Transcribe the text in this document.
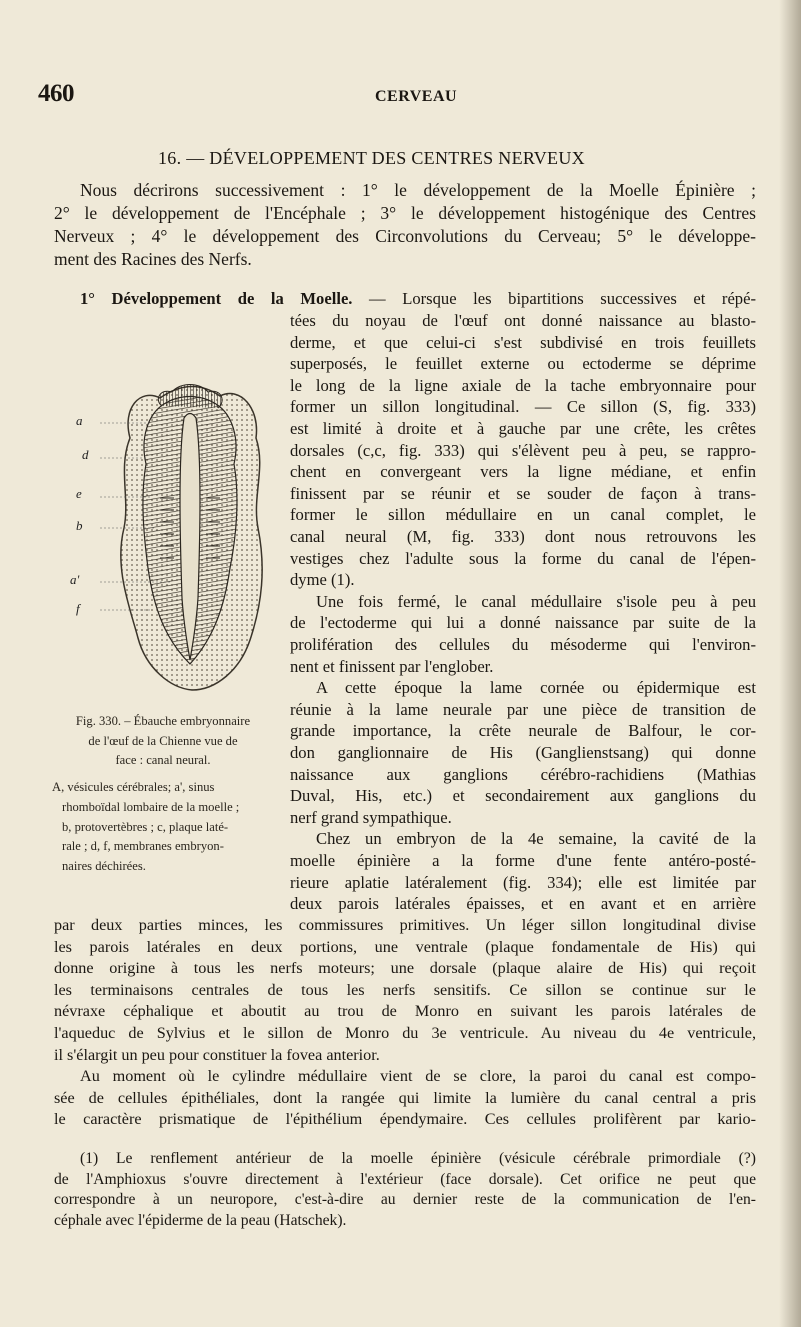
460	CERVEAU
16. — DÉVELOPPEMENT DES CENTRES NERVEUX
Nous décrirons successivement : 1° le développement de la Moelle Épinière ;
2° le développement de l'Encéphale ; 3° le développement histogénique des Centres
Nerveux ; 4° le développement des Circonvolutions du Cerveau; 5° le développe-
ment des Racines des Nerfs.
1° Développement de la Moelle. — Lorsque les bipartitions successives et répé-
a
d
e
b
a'
f
Fig. 330. – Ébauche embryonnaire
de l'œuf de la Chienne vue de
face : canal neural.
A, vésicules cérébrales; a', sinus
rhomboïdal lombaire de la moelle ;
b, protovertèbres ; c, plaque laté-
rale ; d, f, membranes embryon-
naires déchirées.
tées du noyau de l'œuf ont donné naissance au blasto-
derme, et que celui-ci s'est subdivisé en trois feuillets
superposés, le feuillet externe ou ectoderme se déprime
le long de la ligne axiale de la tache embryonnaire pour
former un sillon longitudinal. — Ce sillon (S, fig. 333)
est limité à droite et à gauche par une crête, les crêtes
dorsales (c,c, fig. 333) qui s'élèvent peu à peu, se rappro-
chent en convergeant vers la ligne médiane, et enfin
finissent par se réunir et se souder de façon à trans-
former le sillon médullaire en un canal complet, le
canal neural (M, fig. 333) dont nous retrouvons les
vestiges chez l'adulte sous la forme du canal de l'épen-
dyme (1).
Une fois fermé, le canal médullaire s'isole peu à peu
de l'ectoderme qui lui a donné naissance par suite de la
prolifération des cellules du mésoderme qui l'environ-
nent et finissent par l'englober.
A cette époque la lame cornée ou épidermique est
réunie à la lame neurale par une pièce de transition de
grande importance, la crête neurale de Balfour, le cor-
don ganglionnaire de His (Ganglienstsang) qui donne
naissance aux ganglions cérébro-rachidiens (Mathias
Duval, His, etc.) et secondairement aux ganglions du
nerf grand sympathique.
Chez un embryon de la 4e semaine, la cavité de la
moelle épinière a la forme d'une fente antéro-posté-
rieure aplatie latéralement (fig. 334); elle est limitée par
deux parois latérales épaisses, et en avant et en arrière
par deux parties minces, les commissures primitives. Un léger sillon longitudinal divise
les parois latérales en deux portions, une ventrale (plaque fondamentale de His) qui
donne origine à tous les nerfs moteurs; une dorsale (plaque alaire de His) qui reçoit
les terminaisons centrales de tous les nerfs sensitifs. Ce sillon se continue sur le
névraxe céphalique et aboutit au trou de Monro en suivant les parois latérales de
l'aqueduc de Sylvius et le sillon de Monro du 3e ventricule. Au niveau du 4e ventricule,
il s'élargit un peu pour constituer la fovea anterior.
Au moment où le cylindre médullaire vient de se clore, la paroi du canal est compo-
sée de cellules épithéliales, dont la rangée qui limite la lumière du canal central a pris
le caractère prismatique de l'épithélium épendymaire. Ces cellules prolifèrent par kario-
(1) Le renflement antérieur de la moelle épinière (vésicule cérébrale primordiale (?)
de l'Amphioxus s'ouvre directement à l'extérieur (face dorsale). Cet orifice ne peut que
correspondre à un neuropore, c'est-à-dire au dernier reste de la communication de l'en-
céphale avec l'épiderme de la peau (Hatschek).
